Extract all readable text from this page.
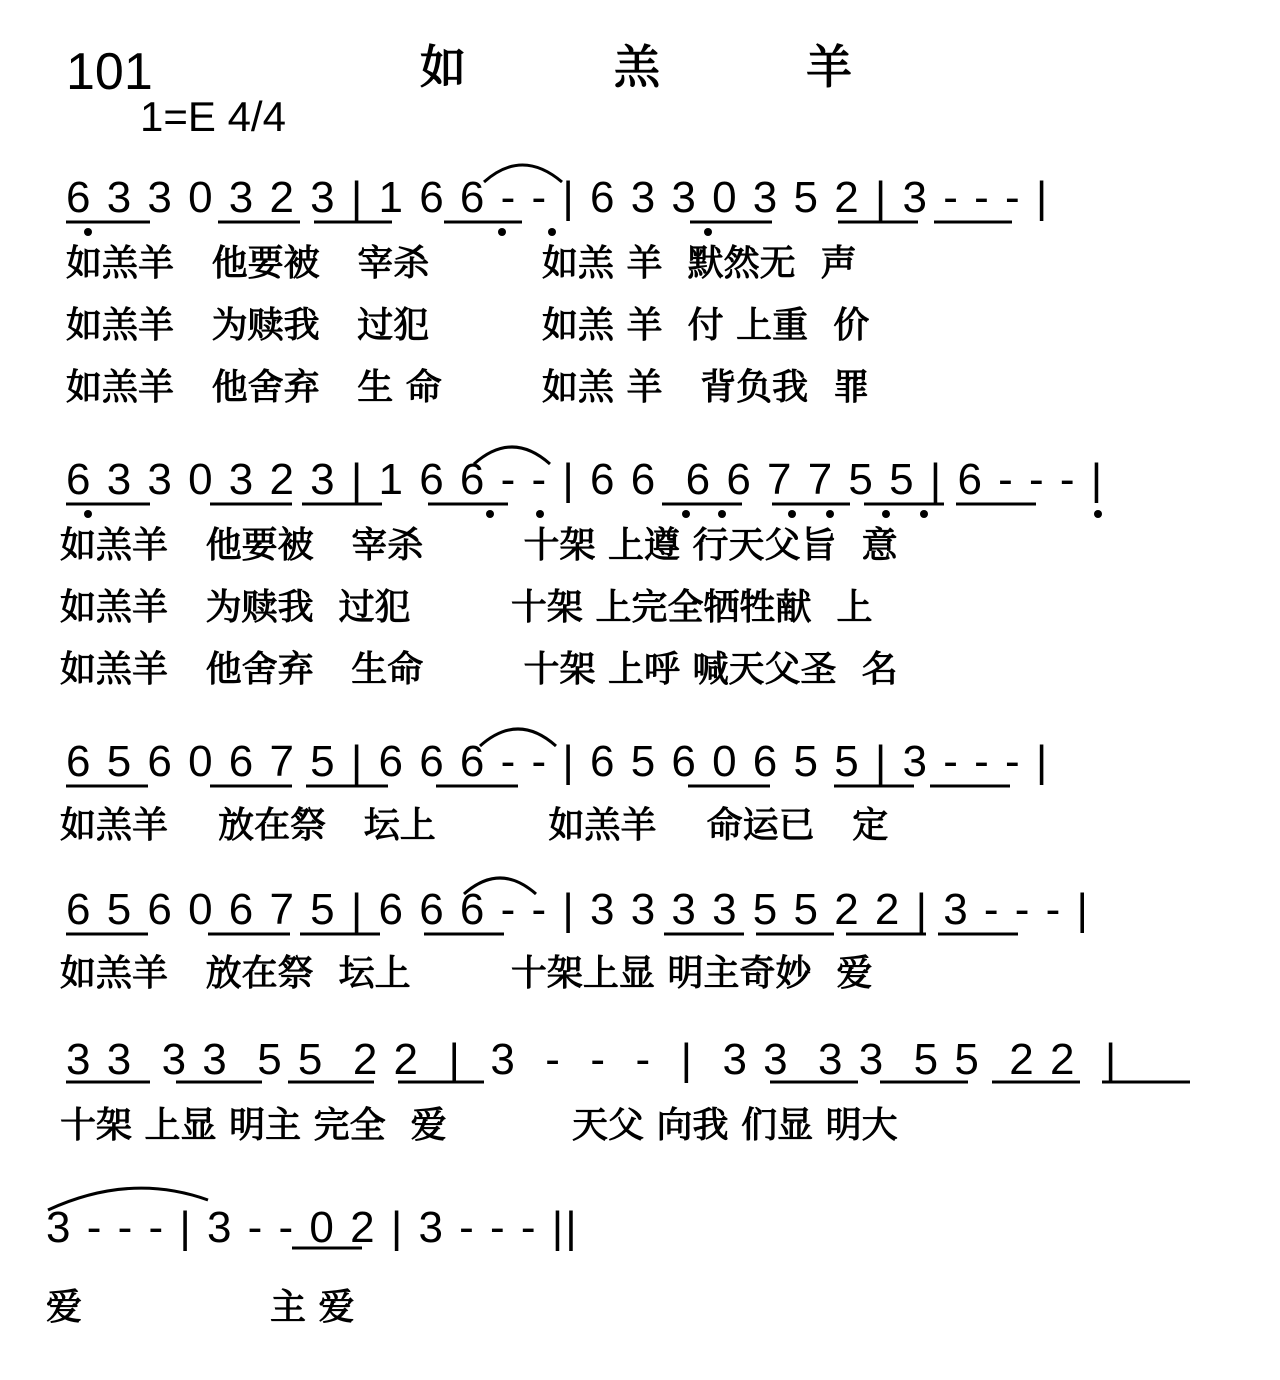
101	如	羔	羊
1=E 4/4
6 3 3 0 3 2 3 | 1 6 6 - - | 6 3 3 0 3 5 2 | 3 - - - |
如羔羊   他要被   宰杀         如羔 羊  默然无  声
如羔羊   为赎我   过犯         如羔 羊  付 上重  价
如羔羊   他舍弃   生 命        如羔 羊   背负我  罪
6 3 3 0 3 2 3 | 1 6 6 - - | 6 6  6 6 7 7 5 5 | 6 - - - |
如羔羊   他要被   宰杀        十架 上遵 行天父旨  意
如羔羊   为赎我  过犯        十架 上完全牺牲献  上
如羔羊   他舍弃   生命        十架 上呼 喊天父圣  名
6 5 6 0 6 7 5 | 6 6 6 - - | 6 5 6 0 6 5 5 | 3 - - - |
如羔羊    放在祭   坛上         如羔羊    命运已   定
6 5 6 0 6 7 5 | 6 6 6 - - | 3 3 3 3 5 5 2 2 | 3 - - - |
如羔羊   放在祭  坛上        十架上显 明主奇妙  爱
3 3  3 3  5 5  2 2  |  3  -  -  -  |  3 3  3 3  5 5  2 2  |
十架 上显 明主 完全  爱          天父 向我 们显 明大
3 - - - | 3 - - 0 2 | 3 - - - ||
爱               主 爱
